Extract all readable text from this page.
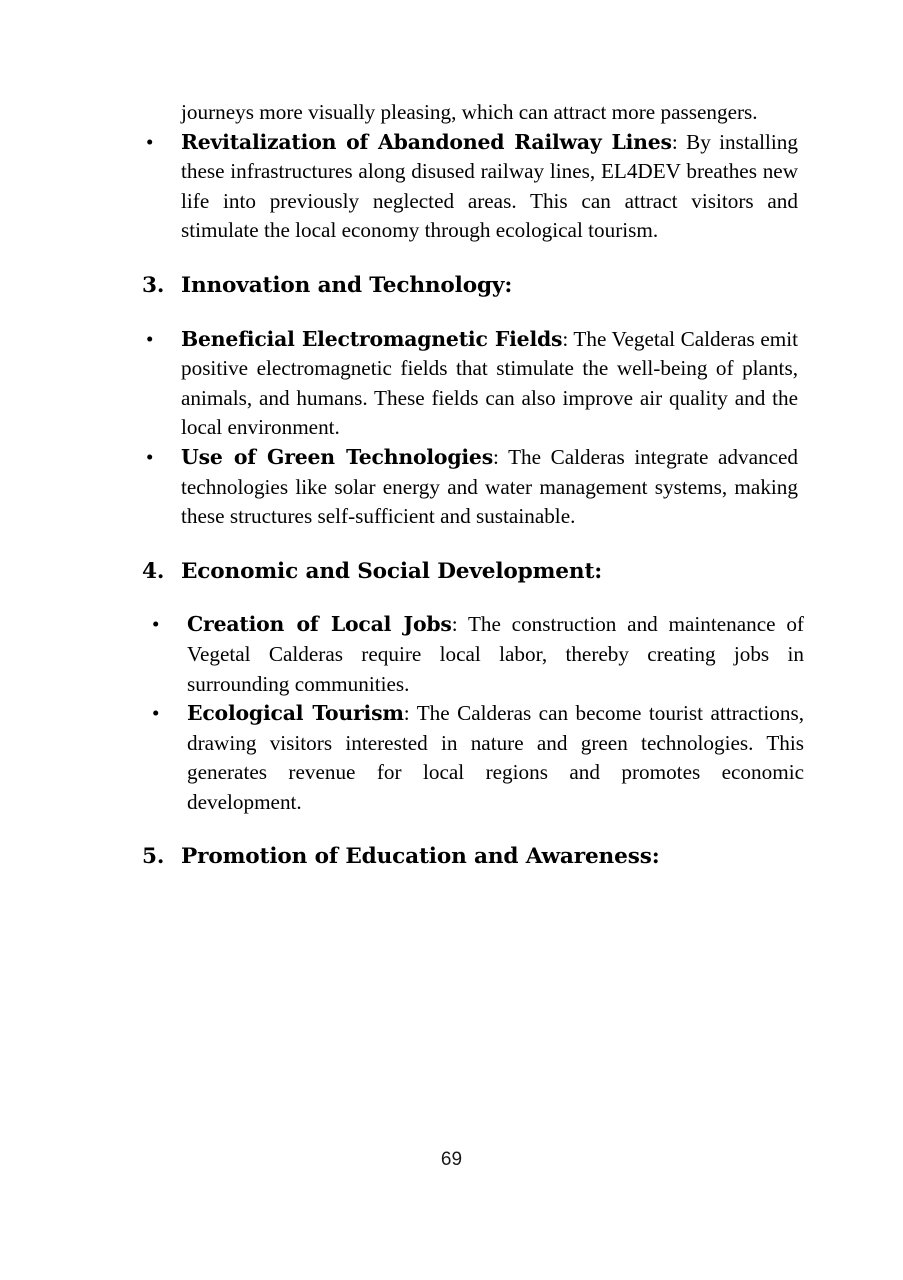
journeys more visually pleasing, which can attract more passengers.
•	Revitalization of Abandoned Railway Lines: By installing these infrastructures along disused railway lines, EL4DEV breathes new life into previously neglected areas. This can attract visitors and stimulate the local economy through ecological tourism.
3. Innovation and Technology:
•	Beneficial Electromagnetic Fields: The Vegetal Calderas emit positive electromagnetic fields that stimulate the well-being of plants, animals, and humans. These fields can also improve air quality and the local environment.
•	Use of Green Technologies: The Calderas integrate advanced technologies like solar energy and water management systems, making these structures self-sufficient and sustainable.
4. Economic and Social Development:
•	Creation of Local Jobs: The construction and maintenance of Vegetal Calderas require local labor, thereby creating jobs in surrounding communities.
•	Ecological Tourism: The Calderas can become tourist attractions, drawing visitors interested in nature and green technologies. This generates revenue for local regions and promotes economic development.
5. Promotion of Education and Awareness:
69
